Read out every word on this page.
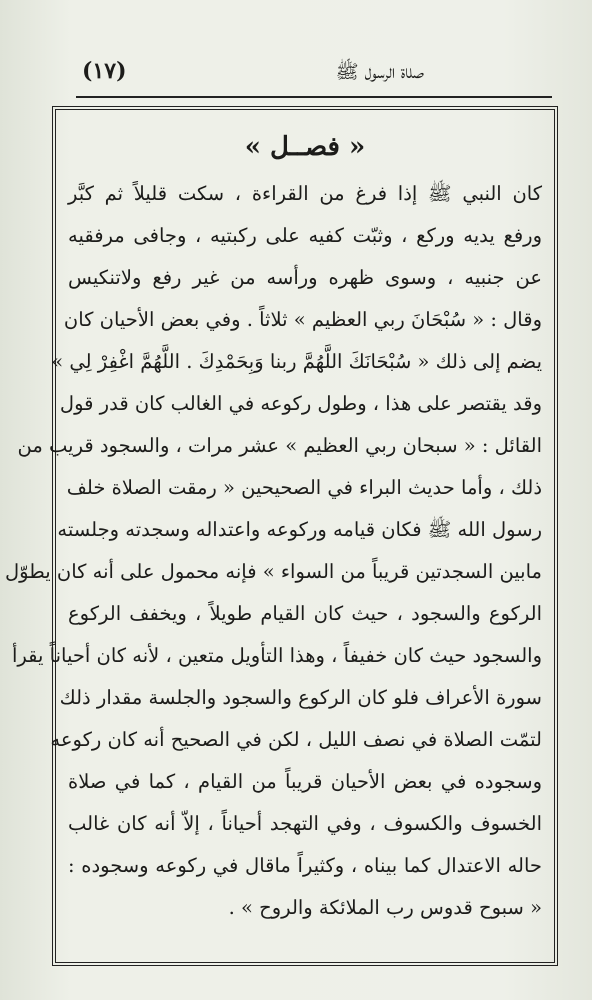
صلاة الرسول ﷺ
(١٧)
« فصــل »
كان النبي ﷺ إذا فرغ من القراءة ، سكت قليلاً ثم كبَّر
ورفع يديه وركع ، وثبّت كفيه على ركبتيه ، وجافى مرفقيه
عن جنبيه ، وسوى ظهره ورأسه من غير رفع ولاتنكيس
وقال : « سُبْحَانَ ربي العظيم » ثلاثاً . وفي بعض الأحيان كان
يضم إلى ذلك « سُبْحَانَكَ اللَّهُمَّ ربنا وَبِحَمْدِكَ . اللَّهُمَّ اغْفِرْ لِي »
وقد يقتصر على هذا ، وطول ركوعه في الغالب كان قدر قول
القائل : « سبحان ربي العظيم » عشر مرات ، والسجود قريب من
ذلك ، وأما حديث البراء في الصحيحين « رمقت الصلاة خلف
رسول الله ﷺ فكان قيامه وركوعه واعتداله وسجدته وجلسته
مابين السجدتين قريباً من السواء » فإنه محمول على أنه كان يطوّل
الركوع والسجود ، حيث كان القيام طويلاً ، ويخفف الركوع
والسجود حيث كان خفيفاً ، وهذا التأويل متعين ، لأنه كان أحياناً يقرأ
سورة الأعراف فلو كان الركوع والسجود والجلسة مقدار ذلك
لتمّت الصلاة في نصف الليل ، لكن في الصحيح أنه كان ركوعه
وسجوده في بعض الأحيان قريباً من القيام ، كما في صلاة
الخسوف والكسوف ، وفي التهجد أحياناً ، إلاّ أنه كان غالب
حاله الاعتدال كما بيناه ، وكثيراً ماقال في ركوعه وسجوده :
« سبوح قدوس رب الملائكة والروح » .
